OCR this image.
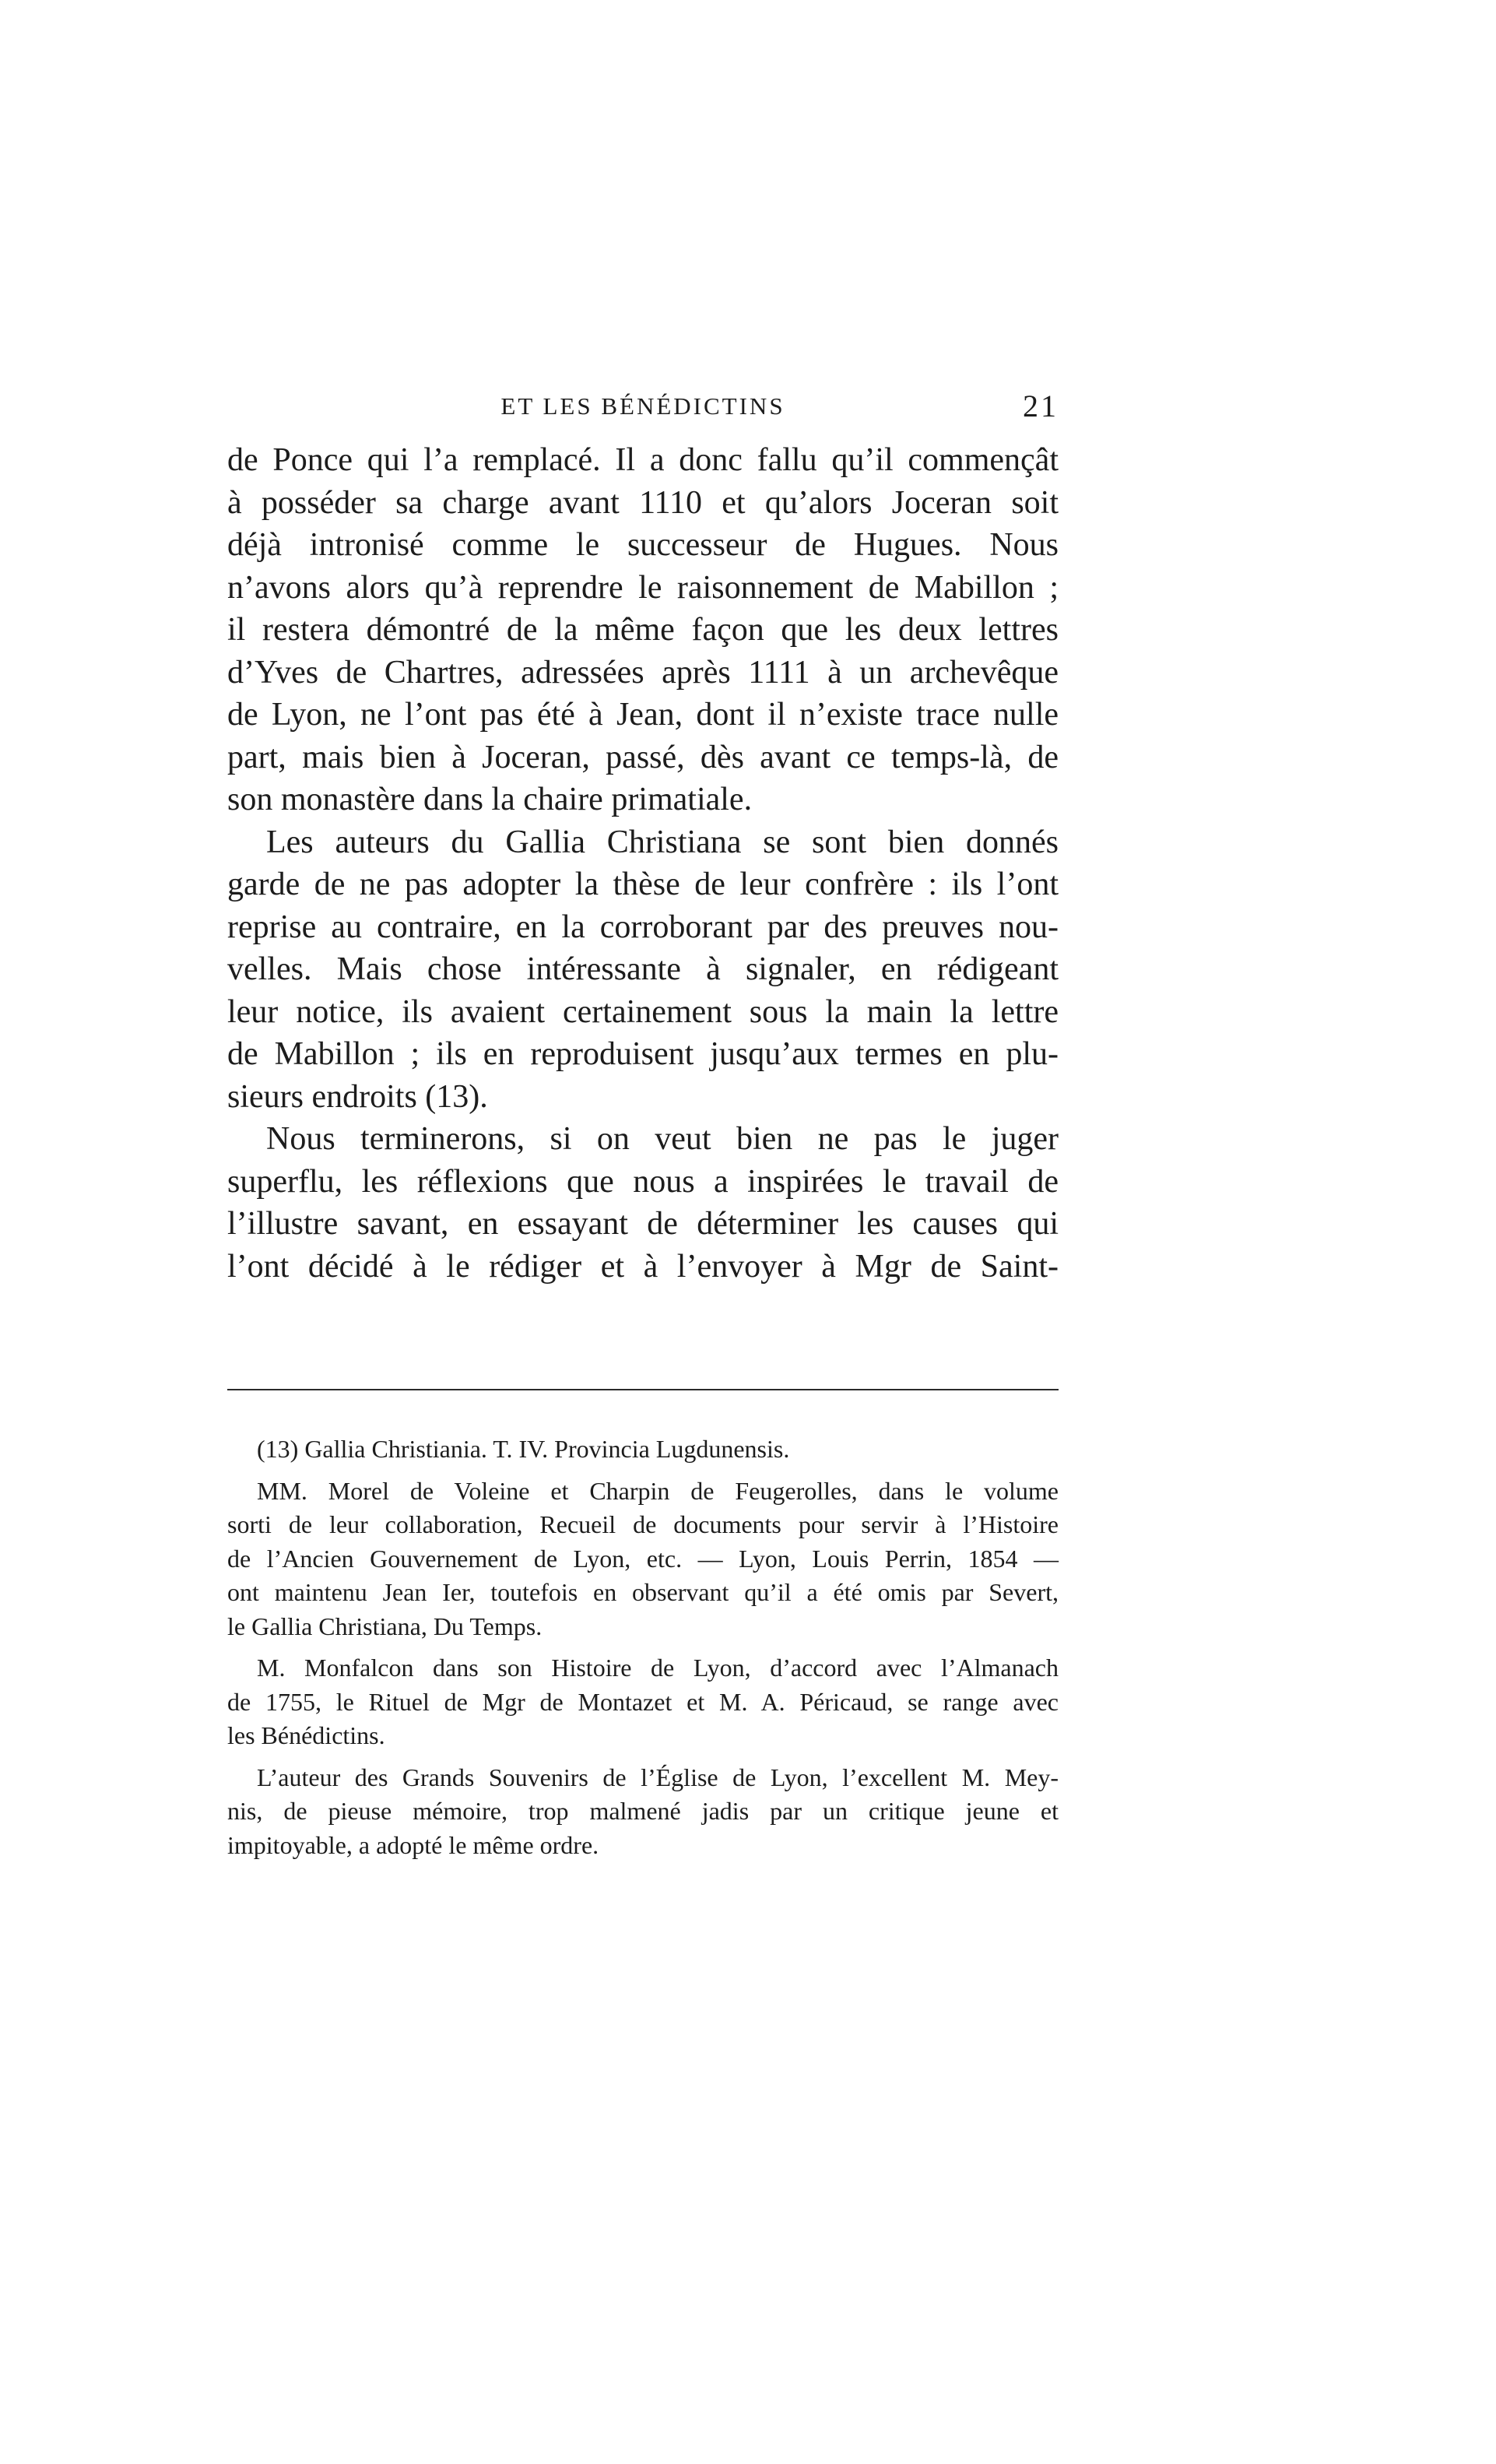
ET LES BÉNÉDICTINS	21
de Ponce qui l’a remplacé. Il a donc fallu qu’il commençât
à posséder sa charge avant 1110 et qu’alors Joceran soit
déjà intronisé comme le successeur de Hugues. Nous
n’avons alors qu’à reprendre le raisonnement de Mabillon ;
il restera démontré de la même façon que les deux lettres
d’Yves de Chartres, adressées après 1111 à un archevêque
de Lyon, ne l’ont pas été à Jean, dont il n’existe trace nulle
part, mais bien à Joceran, passé, dès avant ce temps-là, de
son monastère dans la chaire primatiale.
Les auteurs du Gallia Christiana se sont bien donnés
garde de ne pas adopter la thèse de leur confrère : ils l’ont
reprise au contraire, en la corroborant par des preuves nou-
velles. Mais chose intéressante à signaler, en rédigeant
leur notice, ils avaient certainement sous la main la lettre
de Mabillon ; ils en reproduisent jusqu’aux termes en plu-
sieurs endroits (13).
Nous terminerons, si on veut bien ne pas le juger
superflu, les réflexions que nous a inspirées le travail de
l’illustre savant, en essayant de déterminer les causes qui
l’ont décidé à le rédiger et à l’envoyer à Mgr de Saint-
(13) Gallia Christiania. T. IV. Provincia Lugdunensis.
MM. Morel de Voleine et Charpin de Feugerolles, dans le volume
sorti de leur collaboration, Recueil de documents pour servir à l’Histoire
de l’Ancien Gouvernement de Lyon, etc. — Lyon, Louis Perrin, 1854 —
ont maintenu Jean Ier, toutefois en observant qu’il a été omis par Severt,
le Gallia Christiana, Du Temps.
M. Monfalcon dans son Histoire de Lyon, d’accord avec l’Almanach
de 1755, le Rituel de Mgr de Montazet et M. A. Péricaud, se range avec
les Bénédictins.
L’auteur des Grands Souvenirs de l’Église de Lyon, l’excellent M. Mey-
nis, de pieuse mémoire, trop malmené jadis par un critique jeune et
impitoyable, a adopté le même ordre.
